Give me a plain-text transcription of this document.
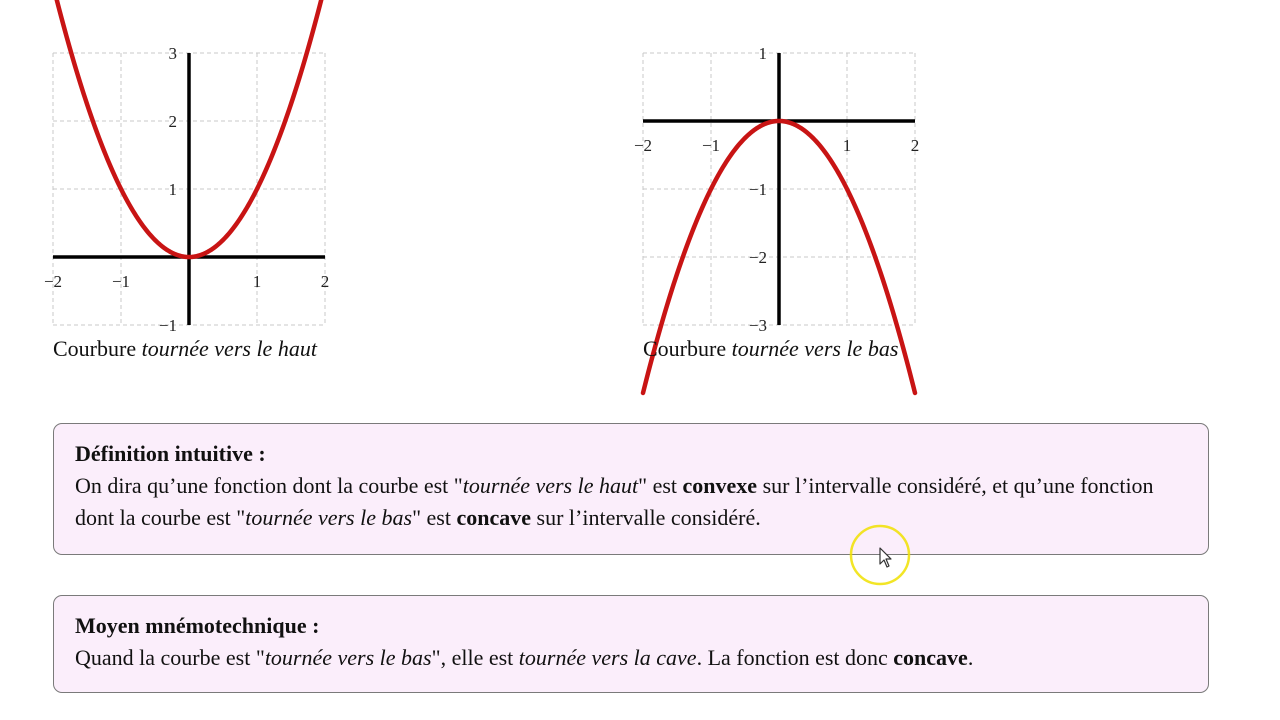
−2	−1	1	2
−1
1
2
3
Courbure tournée vers le haut
−2	−1	1	2
−3
−2
−1
1
Courbure tournée vers le bas
Définition intuitive :

On dira qu’une fonction dont la courbe est "tournée vers le haut" est convexe sur l’intervalle considéré, et qu’une fonction dont la courbe est "tournée vers le bas" est concave sur l’intervalle considéré.

Moyen mnémotechnique :

Quand la courbe est "tournée vers le bas", elle est tournée vers la cave. La fonction est donc concave.
